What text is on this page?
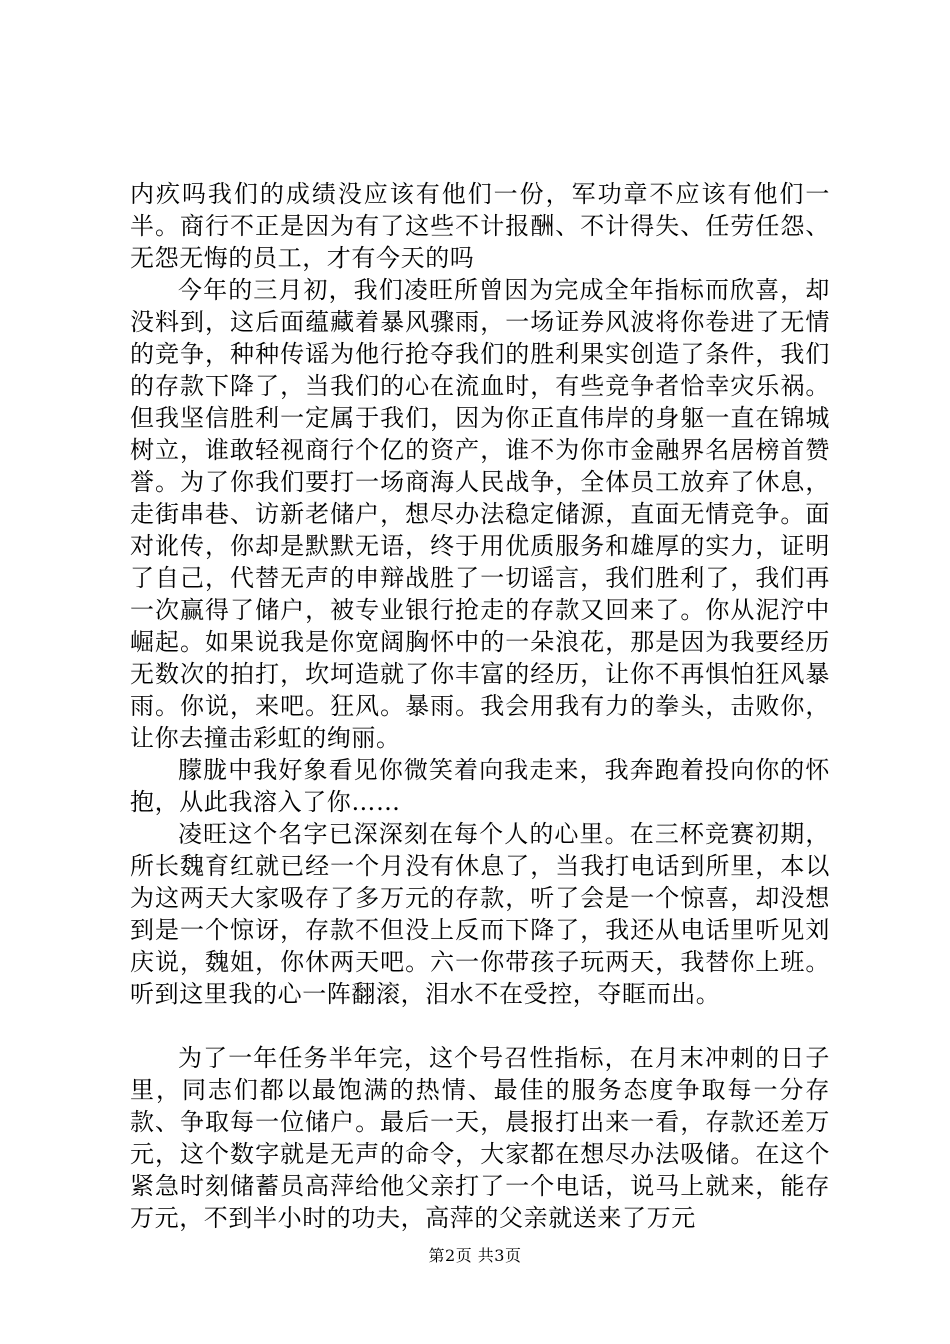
内疚吗我们的成绩没应该有他们一份，军功章不应该有他们一半。商行不正是因为有了这些不计报酬、不计得失、任劳任怨、无怨无悔的员工，才有今天的吗

今年的三月初，我们凌旺所曾因为完成全年指标而欣喜，却没料到，这后面蕴藏着暴风骤雨，一场证券风波将你卷进了无情的竞争，种种传谣为他行抢夺我们的胜利果实创造了条件，我们的存款下降了，当我们的心在流血时，有些竞争者恰幸灾乐祸。但我坚信胜利一定属于我们，因为你正直伟岸的身躯一直在锦城树立，谁敢轻视商行个亿的资产，谁不为你市金融界名居榜首赞誉。为了你我们要打一场商海人民战争，全体员工放弃了休息，走街串巷、访新老储户，想尽办法稳定储源，直面无情竞争。面对讹传，你却是默默无语，终于用优质服务和雄厚的实力，证明了自己，代替无声的申辩战胜了一切谣言，我们胜利了，我们再一次赢得了储户，被专业银行抢走的存款又回来了。你从泥泞中崛起。如果说我是你宽阔胸怀中的一朵浪花，那是因为我要经历无数次的拍打，坎坷造就了你丰富的经历，让你不再惧怕狂风暴雨。你说，来吧。狂风。暴雨。我会用我有力的拳头，击败你，让你去撞击彩虹的绚丽。

朦胧中我好象看见你微笑着向我走来，我奔跑着投向你的怀抱，从此我溶入了你……

凌旺这个名字已深深刻在每个人的心里。在三杯竞赛初期，所长魏育红就已经一个月没有休息了，当我打电话到所里，本以为这两天大家吸存了多万元的存款，听了会是一个惊喜，却没想到是一个惊讶，存款不但没上反而下降了，我还从电话里听见刘庆说，魏姐，你休两天吧。六一你带孩子玩两天，我替你上班。听到这里我的心一阵翻滚，泪水不在受控，夺眶而出。

为了一年任务半年完，这个号召性指标，在月末冲刺的日子里，同志们都以最饱满的热情、最佳的服务态度争取每一分存款、争取每一位储户。最后一天，晨报打出来一看，存款还差万元，这个数字就是无声的命令，大家都在想尽办法吸储。在这个紧急时刻储蓄员高萍给他父亲打了一个电话，说马上就来，能存万元，不到半小时的功夫，高萍的父亲就送来了万元

第2页 共3页
